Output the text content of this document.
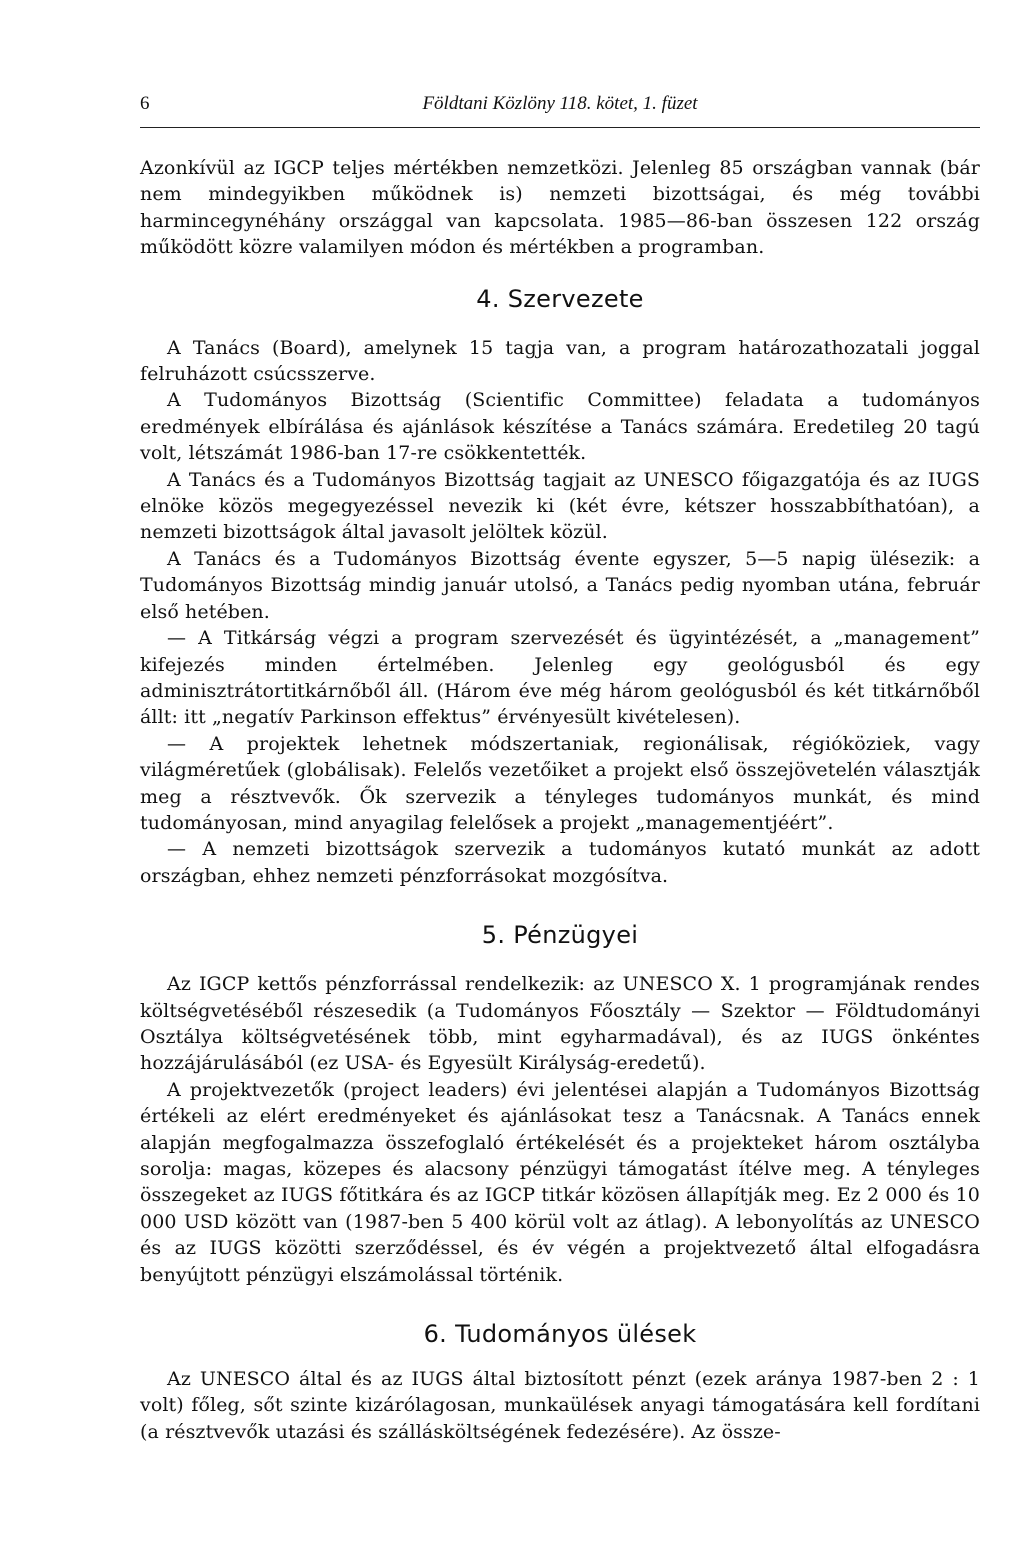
6	Földtani Közlöny 118. kötet, 1. füzet

Azonkívül az IGCP teljes mértékben nemzetközi. Jelenleg 85 országban vannak (bár nem mindegyikben működnek is) nemzeti bizottságai, és még további harmincegynéhány országgal van kapcsolata. 1985—86-ban összesen 122 ország működött közre valamilyen módon és mértékben a programban.

4. Szervezete

A Tanács (Board), amelynek 15 tagja van, a program határozathozatali joggal felruházott csúcsszerve.

A Tudományos Bizottság (Scientific Committee) feladata a tudományos eredmények elbírálása és ajánlások készítése a Tanács számára. Eredetileg 20 tagú volt, létszámát 1986-ban 17-re csökkentették.

A Tanács és a Tudományos Bizottság tagjait az UNESCO főigazgatója és az IUGS elnöke közös megegyezéssel nevezik ki (két évre, kétszer hosszabbíthatóan), a nemzeti bizottságok által javasolt jelöltek közül.

A Tanács és a Tudományos Bizottság évente egyszer, 5—5 napig ülésezik: a Tudományos Bizottság mindig január utolsó, a Tanács pedig nyomban utána, február első hetében.

— A Titkárság végzi a program szervezését és ügyintézését, a „management” kifejezés minden értelmében. Jelenleg egy geológusból és egy adminisztrátortitkárnőből áll. (Három éve még három geológusból és két titkárnőből állt: itt „negatív Parkinson effektus” érvényesült kivételesen).

— A projektek lehetnek módszertaniak, regionálisak, régióköziek, vagy világméretűek (globálisak). Felelős vezetőiket a projekt első összejövetelén választják meg a résztvevők. Ők szervezik a tényleges tudományos munkát, és mind tudományosan, mind anyagilag felelősek a projekt „managementjéért”.

— A nemzeti bizottságok szervezik a tudományos kutató munkát az adott országban, ehhez nemzeti pénzforrásokat mozgósítva.

5. Pénzügyei

Az IGCP kettős pénzforrással rendelkezik: az UNESCO X. 1 programjának rendes költségvetéséből részesedik (a Tudományos Főosztály — Szektor — Földtudományi Osztálya költségvetésének több, mint egyharmadával), és az IUGS önkéntes hozzájárulásából (ez USA- és Egyesült Királyság-eredetű).

A projektvezetők (project leaders) évi jelentései alapján a Tudományos Bizottság értékeli az elért eredményeket és ajánlásokat tesz a Tanácsnak. A Tanács ennek alapján megfogalmazza összefoglaló értékelését és a projekteket három osztályba sorolja: magas, közepes és alacsony pénzügyi támogatást ítélve meg. A tényleges összegeket az IUGS főtitkára és az IGCP titkár közösen állapítják meg. Ez 2 000 és 10 000 USD között van (1987-ben 5 400 körül volt az átlag). A lebonyolítás az UNESCO és az IUGS közötti szerződéssel, és év végén a projektvezető által elfogadásra benyújtott pénzügyi elszámolással történik.

6. Tudományos ülések

Az UNESCO által és az IUGS által biztosított pénzt (ezek aránya 1987-ben 2 : 1 volt) főleg, sőt szinte kizárólagosan, munkaülések anyagi támogatására kell fordítani (a résztvevők utazási és szállásköltségének fedezésére). Az össze-
